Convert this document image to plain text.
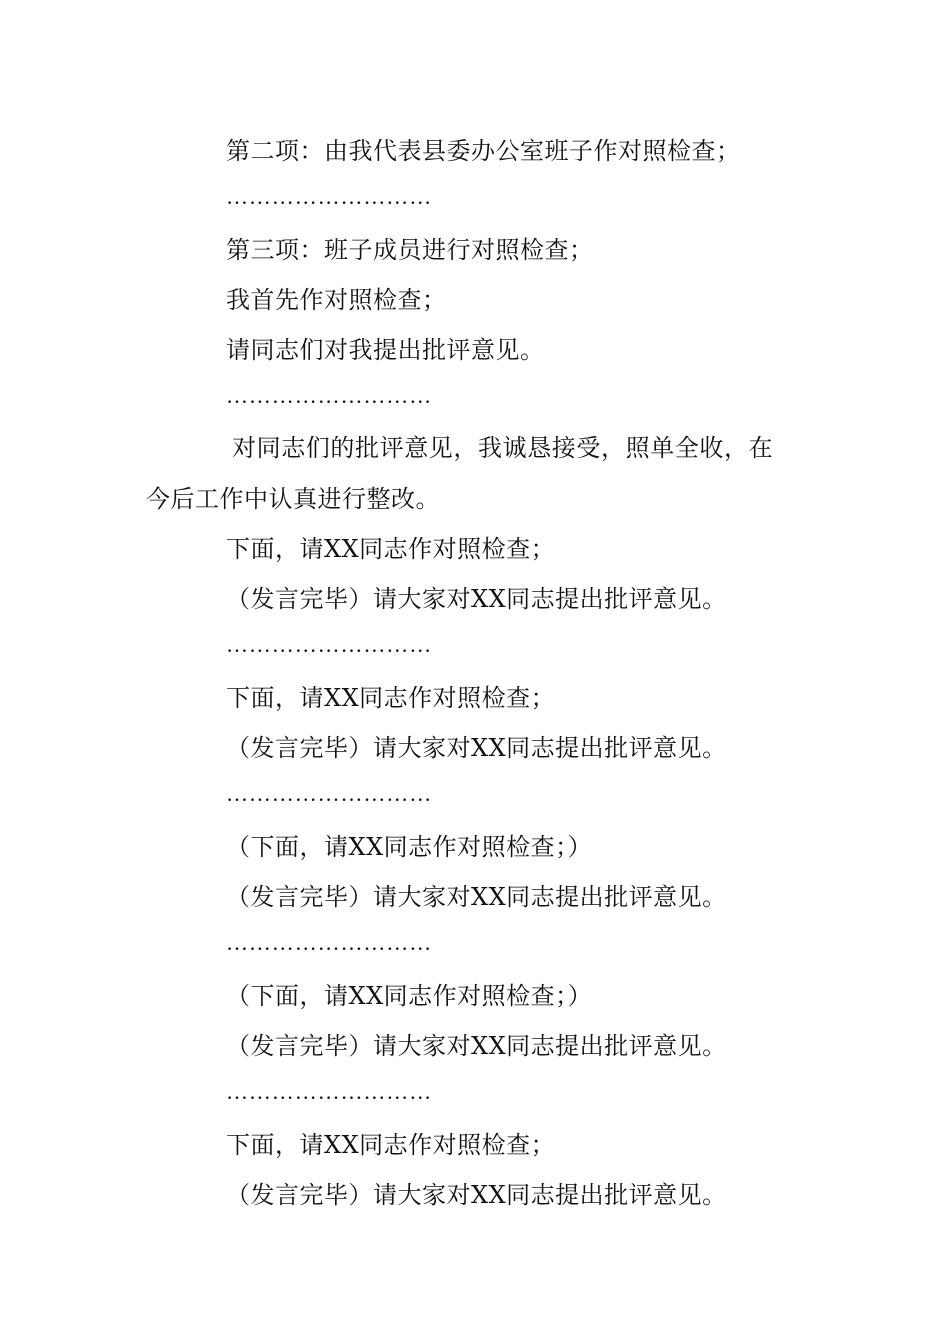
第二项：由我代表县委办公室班子作对照检查；
………………………
第三项：班子成员进行对照检查；
我首先作对照检查；
请同志们对我提出批评意见。
………………………
对同志们的批评意见，我诚恳接受，照单全收，在
今后工作中认真进行整改。
下面，请XX同志作对照检查；
（发言完毕）请大家对XX同志提出批评意见。
………………………
下面，请XX同志作对照检查；
（发言完毕）请大家对XX同志提出批评意见。
………………………
（下面，请XX同志作对照检查；）
（发言完毕）请大家对XX同志提出批评意见。
………………………
（下面，请XX同志作对照检查；）
（发言完毕）请大家对XX同志提出批评意见。
………………………
下面，请XX同志作对照检查；
（发言完毕）请大家对XX同志提出批评意见。
